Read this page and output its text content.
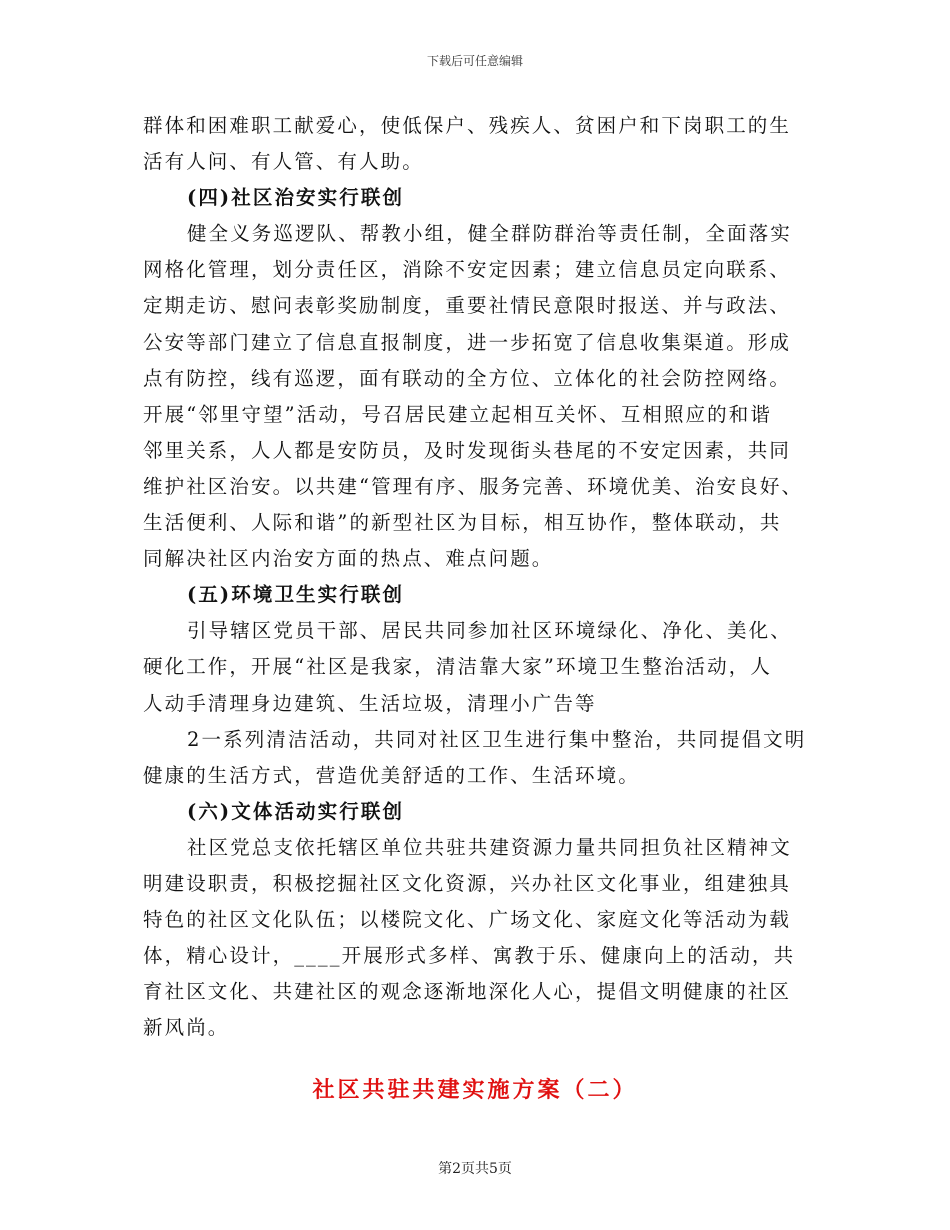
下载后可任意编辑
群体和困难职工献爱心，使低保户、残疾人、贫困户和下岗职工的生
活有人问、有人管、有人助。
(四)社区治安实行联创
健全义务巡逻队、帮教小组，健全群防群治等责任制，全面落实
网格化管理，划分责任区，消除不安定因素；建立信息员定向联系、
定期走访、慰问表彰奖励制度，重要社情民意限时报送、并与政法、
公安等部门建立了信息直报制度，进一步拓宽了信息收集渠道。形成
点有防控，线有巡逻，面有联动的全方位、立体化的社会防控网络。
开展“邻里守望”活动，号召居民建立起相互关怀、互相照应的和谐
邻里关系，人人都是安防员，及时发现街头巷尾的不安定因素，共同
维护社区治安。以共建“管理有序、服务完善、环境优美、治安良好、
生活便利、人际和谐”的新型社区为目标，相互协作，整体联动，共
同解决社区内治安方面的热点、难点问题。
(五)环境卫生实行联创
引导辖区党员干部、居民共同参加社区环境绿化、净化、美化、
硬化工作，开展“社区是我家，清洁靠大家”环境卫生整治活动，人
人动手清理身边建筑、生活垃圾，清理小广告等
2一系列清洁活动，共同对社区卫生进行集中整治，共同提倡文明
健康的生活方式，营造优美舒适的工作、生活环境。
(六)文体活动实行联创
社区党总支依托辖区单位共驻共建资源力量共同担负社区精神文
明建设职责，积极挖掘社区文化资源，兴办社区文化事业，组建独具
特色的社区文化队伍；以楼院文化、广场文化、家庭文化等活动为载
体，精心设计，____开展形式多样、寓教于乐、健康向上的活动，共
育社区文化、共建社区的观念逐渐地深化人心，提倡文明健康的社区
新风尚。
社区共驻共建实施方案（二）
第2页共5页
